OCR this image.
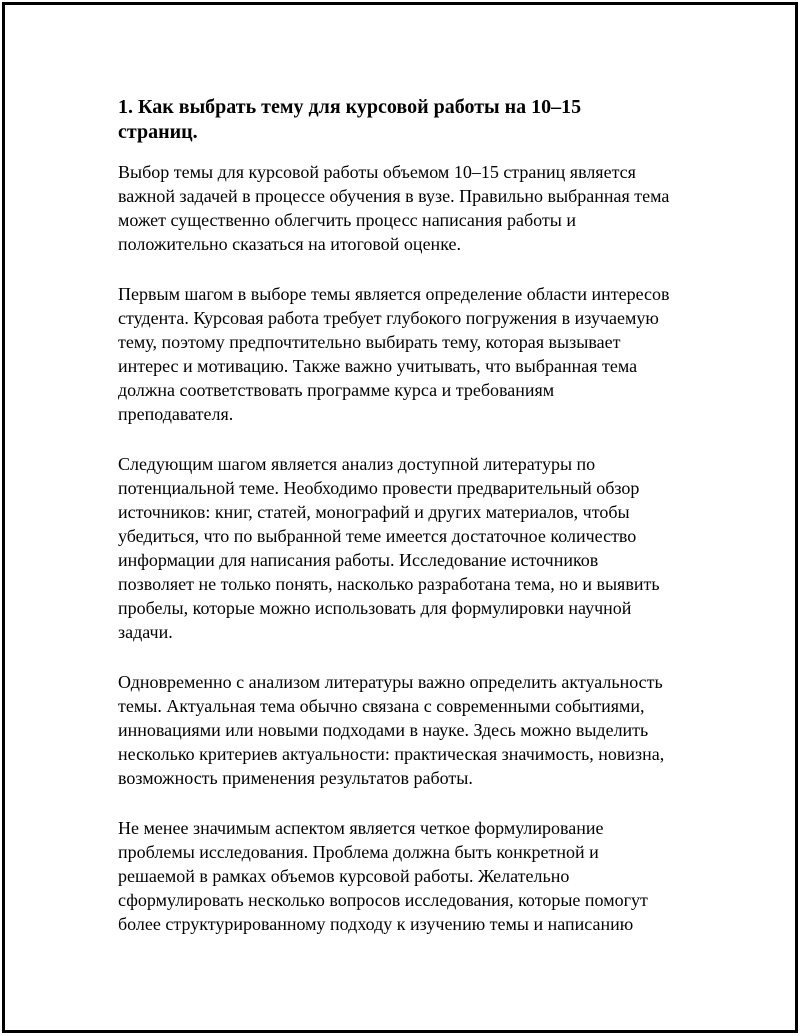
1. Как выбрать тему для курсовой работы на 10–15
страниц.

Выбор темы для курсовой работы объемом 10–15 страниц является
важной задачей в процессе обучения в вузе. Правильно выбранная тема
может существенно облегчить процесс написания работы и
положительно сказаться на итоговой оценке.

Первым шагом в выборе темы является определение области интересов
студента. Курсовая работа требует глубокого погружения в изучаемую
тему, поэтому предпочтительно выбирать тему, которая вызывает
интерес и мотивацию. Также важно учитывать, что выбранная тема
должна соответствовать программе курса и требованиям
преподавателя.

Следующим шагом является анализ доступной литературы по
потенциальной теме. Необходимо провести предварительный обзор
источников: книг, статей, монографий и других материалов, чтобы
убедиться, что по выбранной теме имеется достаточное количество
информации для написания работы. Исследование источников
позволяет не только понять, насколько разработана тема, но и выявить
пробелы, которые можно использовать для формулировки научной
задачи.

Одновременно с анализом литературы важно определить актуальность
темы. Актуальная тема обычно связана с современными событиями,
инновациями или новыми подходами в науке. Здесь можно выделить
несколько критериев актуальности: практическая значимость, новизна,
возможность применения результатов работы.

Не менее значимым аспектом является четкое формулирование
проблемы исследования. Проблема должна быть конкретной и
решаемой в рамках объемов курсовой работы. Желательно
сформулировать несколько вопросов исследования, которые помогут
более структурированному подходу к изучению темы и написанию
